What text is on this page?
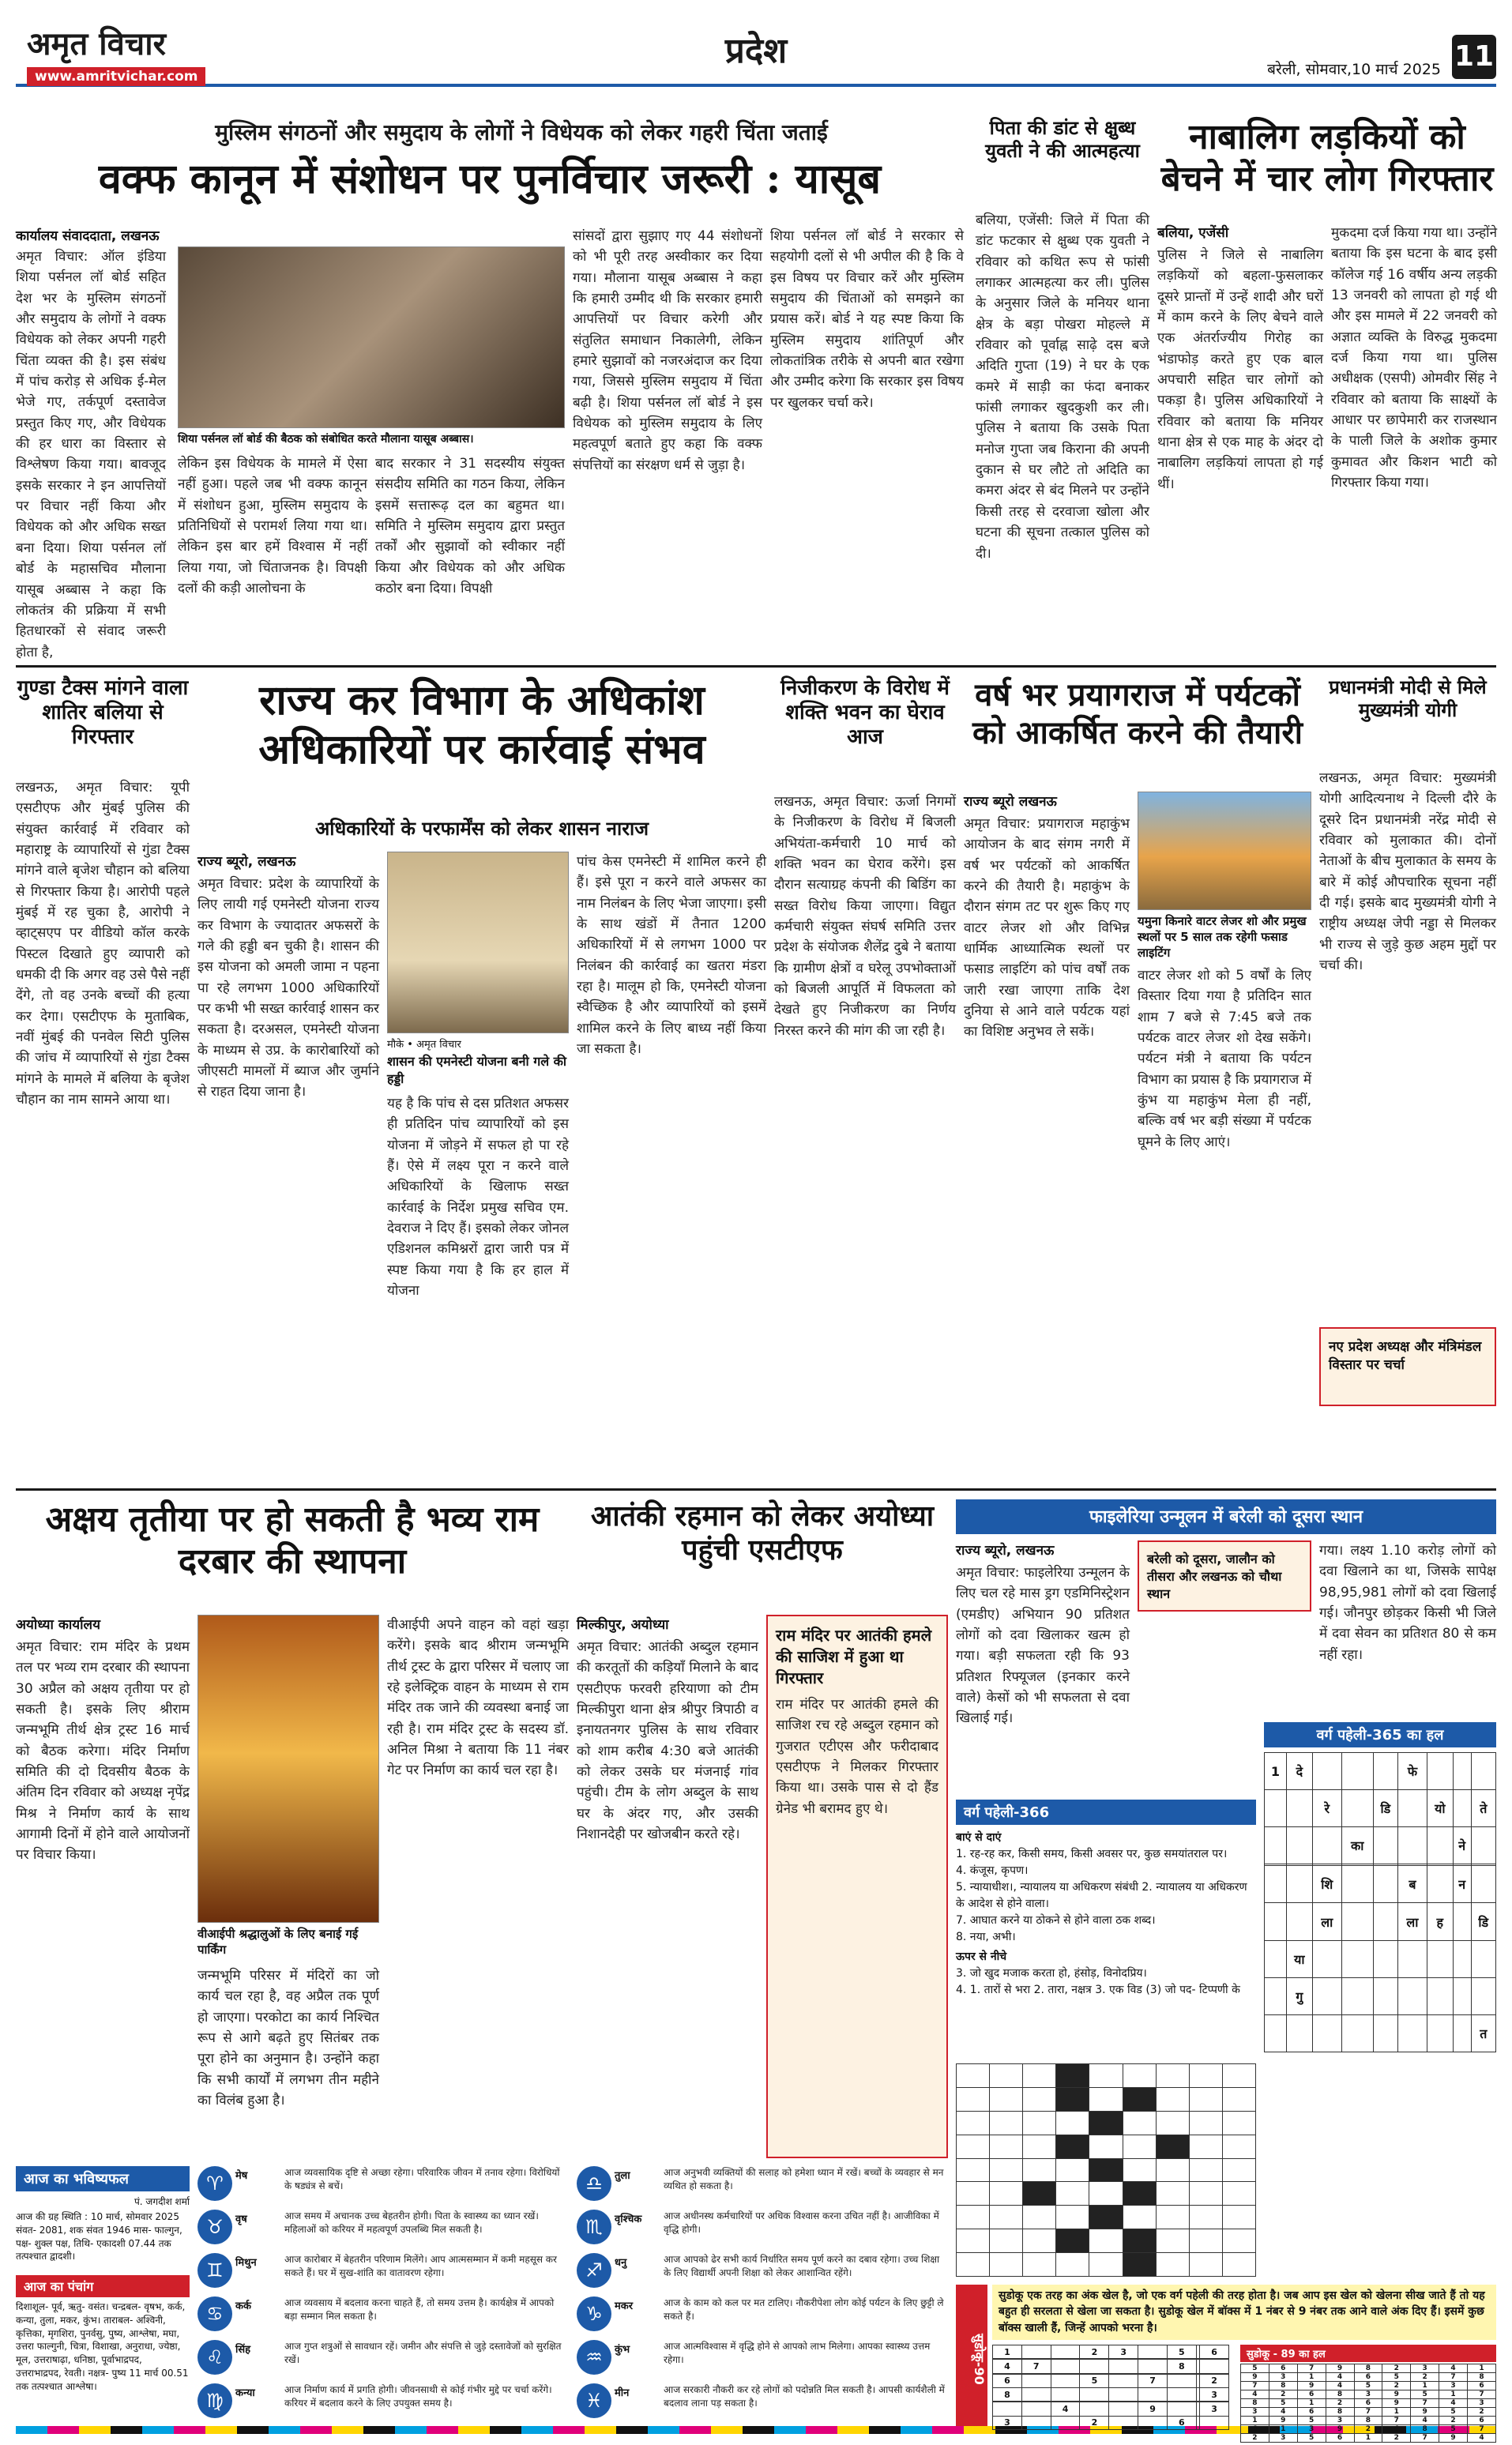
अमृत विचार
www.amritvichar.com
प्रदेश	बरेली, सोमवार,10 मार्च 2025 11
मुस्लिम संगठनों और समुदाय के लोगों ने विधेयक को लेकर गहरी चिंता जताई
वक्फ कानून में संशोधन पर पुनर्विचार जरूरी : यासूब
कार्यालय संवाददाता, लखनऊ
अमृत विचार: ऑल इंडिया शिया पर्सनल लॉ बोर्ड सहित देश भर के मुस्लिम संगठनों और समुदाय के लोगों ने वक्फ विधेयक को लेकर अपनी गहरी चिंता व्यक्त की है। इस संबंध में पांच करोड़ से अधिक ई-मेल भेजे गए, तर्कपूर्ण दस्तावेज प्रस्तुत किए गए, और विधेयक की हर धारा का विस्तार से विश्लेषण किया गया। बावजूद इसके सरकार ने इन आपत्तियों पर विचार नहीं किया और विधेयक को और अधिक सख्त बना दिया। शिया पर्सनल लॉ बोर्ड के महासचिव मौलाना यासूब अब्बास ने कहा कि लोकतंत्र की प्रक्रिया में सभी हितधारकों से संवाद जरूरी होता है,
शिया पर्सनल लॉ बोर्ड की बैठक को संबोधित करते मौलाना यासूब अब्बास।
लेकिन इस विधेयक के मामले में ऐसा नहीं हुआ। पहले जब भी वक्फ कानून में संशोधन हुआ, मुस्लिम समुदाय के प्रतिनिधियों से परामर्श लिया गया था। लेकिन इस बार हमें विश्वास में नहीं लिया गया, जो चिंताजनक है। विपक्षी दलों की कड़ी आलोचना के
बाद सरकार ने 31 सदस्यीय संयुक्त संसदीय समिति का गठन किया, लेकिन इसमें सत्तारूढ़ दल का बहुमत था। समिति ने मुस्लिम समुदाय द्वारा प्रस्तुत तर्कों और सुझावों को स्वीकार नहीं किया और विधेयक को और अधिक कठोर बना दिया। विपक्षी
सांसदों द्वारा सुझाए गए 44 संशोधनों को भी पूरी तरह अस्वीकार कर दिया गया। मौलाना यासूब अब्बास ने कहा कि हमारी उम्मीद थी कि सरकार हमारी आपत्तियों पर विचार करेगी और संतुलित समाधान निकालेगी, लेकिन हमारे सुझावों को नजरअंदाज कर दिया गया, जिससे मुस्लिम समुदाय में चिंता बढ़ी है। शिया पर्सनल लॉ बोर्ड ने इस विधेयक को मुस्लिम समुदाय के लिए महत्वपूर्ण बताते हुए कहा कि वक्फ संपत्तियों का संरक्षण धर्म से जुड़ा है।
शिया पर्सनल लॉ बोर्ड ने सरकार से सहयोगी दलों से भी अपील की है कि वे इस विषय पर विचार करें और मुस्लिम समुदाय की चिंताओं को समझने का प्रयास करें। बोर्ड ने यह स्पष्ट किया कि मुस्लिम समुदाय शांतिपूर्ण और लोकतांत्रिक तरीके से अपनी बात रखेगा और उम्मीद करेगा कि सरकार इस विषय पर खुलकर चर्चा करे।
पिता की डांट से क्षुब्ध युवती ने की आत्महत्या
बलिया, एजेंसी: जिले में पिता की डांट फटकार से क्षुब्ध एक युवती ने रविवार को कथित रूप से फांसी लगाकर आत्महत्या कर ली। पुलिस के अनुसार जिले के मनियर थाना क्षेत्र के बड़ा पोखरा मोहल्ले में रविवार को पूर्वाह्न साढ़े दस बजे अदिति गुप्ता (19) ने घर के एक कमरे में साड़ी का फंदा बनाकर फांसी लगाकर खुदकुशी कर ली। पुलिस ने बताया कि उसके पिता मनोज गुप्ता जब किराना की अपनी दुकान से घर लौटे तो अदिति का कमरा अंदर से बंद मिलने पर उन्होंने किसी तरह से दरवाजा खोला और घटना की सूचना तत्काल पुलिस को दी।
नाबालिग लड़कियों को बेचने में चार लोग गिरफ्तार
बलिया, एजेंसी
पुलिस ने जिले से नाबालिग लड़कियों को बहला-फुसलाकर दूसरे प्रान्तों में उन्हें शादी और घरों में काम करने के लिए बेचने वाले एक अंतर्राज्यीय गिरोह का भंडाफोड़ करते हुए एक बाल अपचारी सहित चार लोगों को पकड़ा है। पुलिस अधिकारियों ने रविवार को बताया कि मनियर थाना क्षेत्र से एक माह के अंदर दो नाबालिग लड़कियां लापता हो गई थीं।
मुकदमा दर्ज किया गया था। उन्होंने बताया कि इस घटना के बाद इसी कॉलेज गई 16 वर्षीय अन्य लड़की 13 जनवरी को लापता हो गई थी और इस मामले में 22 जनवरी को अज्ञात व्यक्ति के विरुद्ध मुकदमा दर्ज किया गया था। पुलिस अधीक्षक (एसपी) ओमवीर सिंह ने रविवार को बताया कि साक्ष्यों के आधार पर छापेमारी कर राजस्थान के पाली जिले के अशोक कुमार कुमावत और किशन भाटी को गिरफ्तार किया गया।
गुण्डा टैक्स मांगने वाला शातिर बलिया से गिरफ्तार
लखनऊ, अमृत विचार: यूपी एसटीएफ और मुंबई पुलिस की संयुक्त कार्रवाई में रविवार को महाराष्ट्र के व्यापारियों से गुंडा टैक्स मांगने वाले बृजेश चौहान को बलिया से गिरफ्तार किया है। आरोपी पहले मुंबई में रह चुका है, आरोपी ने व्हाट्सएप पर वीडियो कॉल करके पिस्टल दिखाते हुए व्यापारी को धमकी दी कि अगर वह उसे पैसे नहीं देंगे, तो वह उनके बच्चों की हत्या कर देगा। एसटीएफ के मुताबिक, नवीं मुंबई की पनवेल सिटी पुलिस की जांच में व्यापारियों से गुंडा टैक्स मांगने के मामले में बलिया के बृजेश चौहान का नाम सामने आया था।
राज्य कर विभाग के अधिकांश अधिकारियों पर कार्रवाई संभव
अधिकारियों के परफार्मेंस को लेकर शासन नाराज
राज्य ब्यूरो, लखनऊ
अमृत विचार: प्रदेश के व्यापारियों के लिए लायी गई एमनेस्टी योजना राज्य कर विभाग के ज्यादातर अफसरों के गले की हड्डी बन चुकी है। शासन की इस योजना को अमली जामा न पहना पा रहे लगभग 1000 अधिकारियों पर कभी भी सख्त कार्रवाई शासन कर सकता है। दरअसल, एमनेस्टी योजना के माध्यम से उप्र. के कारोबारियों को जीएसटी मामलों में ब्याज और जुर्माने से राहत दिया जाना है।
मौके • अमृत विचार
शासन की एमनेस्टी योजना बनी गले की हड्डी
यह है कि पांच से दस प्रतिशत अफसर ही प्रतिदिन पांच व्यापारियों को इस योजना में जोड़ने में सफल हो पा रहे हैं। ऐसे में लक्ष्य पूरा न करने वाले अधिकारियों के खिलाफ सख्त कार्रवाई के निर्देश प्रमुख सचिव एम. देवराज ने दिए हैं। इसको लेकर जोनल एडिशनल कमिश्नरों द्वारा जारी पत्र में स्पष्ट किया गया है कि हर हाल में योजना
पांच केस एमनेस्टी में शामिल करने ही हैं। इसे पूरा न करने वाले अफसर का नाम निलंबन के लिए भेजा जाएगा। इसी के साथ खंडों में तैनात 1200 अधिकारियों में से लगभग 1000 पर निलंबन की कार्रवाई का खतरा मंडरा रहा है। मालूम हो कि, एमनेस्टी योजना स्वैच्छिक है और व्यापारियों को इसमें शामिल करने के लिए बाध्य नहीं किया जा सकता है।
निजीकरण के विरोध में शक्ति भवन का घेराव आज
लखनऊ, अमृत विचार: ऊर्जा निगमों के निजीकरण के विरोध में बिजली अभियंता-कर्मचारी 10 मार्च को शक्ति भवन का घेराव करेंगे। इस दौरान सत्याग्रह कंपनी की बिडिंग का सख्त विरोध किया जाएगा। विद्युत कर्मचारी संयुक्त संघर्ष समिति उत्तर प्रदेश के संयोजक शैलेंद्र दुबे ने बताया कि ग्रामीण क्षेत्रों व घरेलू उपभोक्ताओं को बिजली आपूर्ति में विफलता को देखते हुए निजीकरण का निर्णय निरस्त करने की मांग की जा रही है।
वर्ष भर प्रयागराज में पर्यटकों को आकर्षित करने की तैयारी
राज्य ब्यूरो लखनऊ
अमृत विचार: प्रयागराज महाकुंभ आयोजन के बाद संगम नगरी में वर्ष भर पर्यटकों को आकर्षित करने की तैयारी है। महाकुंभ के दौरान संगम तट पर शुरू किए गए वाटर लेजर शो और विभिन्न धार्मिक आध्यात्मिक स्थलों पर फसाड लाइटिंग को पांच वर्षों तक जारी रखा जाएगा ताकि देश दुनिया से आने वाले पर्यटक यहां का विशिष्ट अनुभव ले सकें।
यमुना किनारे वाटर लेजर शो और प्रमुख स्थलों पर 5 साल तक रहेगी फसाड लाइटिंग
वाटर लेजर शो को 5 वर्षों के लिए विस्तार दिया गया है प्रतिदिन सात शाम 7 बजे से 7:45 बजे तक पर्यटक वाटर लेजर शो देख सकेंगे। पर्यटन मंत्री ने बताया कि पर्यटन विभाग का प्रयास है कि प्रयागराज में कुंभ या महाकुंभ मेला ही नहीं, बल्कि वर्ष भर बड़ी संख्या में पर्यटक घूमने के लिए आएं।
प्रधानमंत्री मोदी से मिले मुख्यमंत्री योगी
लखनऊ, अमृत विचार: मुख्यमंत्री योगी आदित्यनाथ ने दिल्ली दौरे के दूसरे दिन प्रधानमंत्री नरेंद्र मोदी से रविवार को मुलाकात की। दोनों नेताओं के बीच मुलाकात के समय के बारे में कोई औपचारिक सूचना नहीं दी गई। इसके बाद मुख्यमंत्री योगी ने राष्ट्रीय अध्यक्ष जेपी नड्डा से मिलकर भी राज्य से जुड़े कुछ अहम मुद्दों पर चर्चा की।
नए प्रदेश अध्यक्ष और मंत्रिमंडल विस्तार पर चर्चा
अक्षय तृतीया पर हो सकती है भव्य राम दरबार की स्थापना
अयोध्या कार्यालय
अमृत विचार: राम मंदिर के प्रथम तल पर भव्य राम दरबार की स्थापना 30 अप्रैल को अक्षय तृतीया पर हो सकती है। इसके लिए श्रीराम जन्मभूमि तीर्थ क्षेत्र ट्रस्ट 16 मार्च को बैठक करेगा। मंदिर निर्माण समिति की दो दिवसीय बैठक के अंतिम दिन रविवार को अध्यक्ष नृपेंद्र मिश्र ने निर्माण कार्य के साथ आगामी दिनों में होने वाले आयोजनों पर विचार किया।
वीआईपी श्रद्धालुओं के लिए बनाई गई पार्किंग
वीआईपी अपने वाहन को वहां खड़ा करेंगे। इसके बाद श्रीराम जन्मभूमि तीर्थ ट्रस्ट के द्वारा परिसर में चलाए जा रहे इलेक्ट्रिक वाहन के माध्यम से राम मंदिर तक जाने की व्यवस्था बनाई जा रही है। राम मंदिर ट्रस्ट के सदस्य डॉ. अनिल मिश्रा ने बताया कि 11 नंबर गेट पर निर्माण का कार्य चल रहा है।
जन्मभूमि परिसर में मंदिरों का जो कार्य चल रहा है, वह अप्रैल तक पूर्ण हो जाएगा। परकोटा का कार्य निश्चित रूप से आगे बढ़ते हुए सितंबर तक पूरा होने का अनुमान है। उन्होंने कहा कि सभी कार्यों में लगभग तीन महीने का विलंब हुआ है।
आतंकी रहमान को लेकर अयोध्या पहुंची एसटीएफ
मिल्कीपुर, अयोध्या
अमृत विचार: आतंकी अब्दुल रहमान की करतूतों की कड़ियाँ मिलाने के बाद एसटीएफ फरवरी हरियाणा को टीम मिल्कीपुरा थाना क्षेत्र श्रीपुर त्रिपाठी व इनायतनगर पुलिस के साथ रविवार को शाम करीब 4:30 बजे आतंकी को लेकर उसके घर मंजनाई गांव पहुंची। टीम के लोग अब्दुल के साथ घर के अंदर गए, और उसकी निशानदेही पर खोजबीन करते रहे।
राम मंदिर पर आतंकी हमले की साजिश में हुआ था गिरफ्तार
राम मंदिर पर आतंकी हमले की साजिश रच रहे अब्दुल रहमान को गुजरात एटीएस और फरीदाबाद एसटीएफ ने मिलकर गिरफ्तार किया था। उसके पास से दो हैंड ग्रेनेड भी बरामद हुए थे।
फाइलेरिया उन्मूलन में बरेली को दूसरा स्थान
राज्य ब्यूरो, लखनऊ
अमृत विचार: फाइलेरिया उन्मूलन के लिए चल रहे मास ड्रग एडमिनिस्ट्रेशन (एमडीए) अभियान 90 प्रतिशत लोगों को दवा खिलाकर खत्म हो गया। बड़ी सफलता रही कि 93 प्रतिशत रिफ्यूजल (इनकार करने वाले) केसों को भी सफलता से दवा खिलाई गई।
बरेली को दूसरा, जालौन को तीसरा और लखनऊ को चौथा स्थान
गया। लक्ष्य 1.10 करोड़ लोगों को दवा खिलाने का था, जिसके सापेक्ष 98,95,981 लोगों को दवा खिलाई गई। जौनपुर छोड़कर किसी भी जिले में दवा सेवन का प्रतिशत 80 से कम नहीं रहा।
वर्ग पहेली-366
बाएं से दाएं
1. रह-रह कर, किसी समय, किसी अवसर पर, कुछ समयांतराल पर।
4. कंजूस, कृपण।
5. न्यायाधीश।, न्यायालय या अधिकरण संबंधी 2. न्यायालय या अधिकरण के आदेश से होने वाला।
7. आघात करने या ठोकने से होने वाला ठक शब्द।
8. नया, अभी।
ऊपर से नीचे
3. जो खुद मजाक करता हो, हंसोड़, विनोदप्रिय।
4. 1. तारों से भरा 2. तारा, नक्षत्र 3. एक विड (3) जो पद- टिप्पणी के

वर्ग पहेली-365 का हल
1	दे				फे			
		रे		डि		यो		ते
			का				ने	

		शि			ब		न	
		ला			ला	ह		डि
	या							
	गु							
								त
सुडोकू-90
सुडोकू एक तरह का अंक खेल है, जो एक वर्ग पहेली की तरह होता है। जब आप इस खेल को खेलना सीख जाते हैं तो यह बहुत ही सरलता से खेला जा सकता है। सुडोकू खेल में बॉक्स में 1 नंबर से 9 नंबर तक आने वाले अंक दिए हैं। इसमें कुछ बॉक्स खाली हैं, जिन्हें आपको भरना है।
आज का भविष्यफल
पं. जगदीश शर्मा
आज की ग्रह स्थिति : 10 मार्च, सोमवार 2025 संवत- 2081, शक संवत 1946 मास- फाल्गुन, पक्ष- शुक्ल पक्ष, तिथि- एकादशी 07.44 तक तत्पश्चात द्वादशी।
आज का पंचांग
दिशाशूल- पूर्व, ऋतु- वसंत। चन्द्रबल- वृषभ, कर्क, कन्या, तुला, मकर, कुंभ। ताराबल- अश्विनी, कृत्तिका, मृगशिरा, पुनर्वसु, पुष्य, आश्लेषा, मघा, उत्तरा फाल्गुनी, चित्रा, विशाखा, अनुराधा, ज्येष्ठा, मूल, उत्तराषाढ़ा, धनिष्ठा, पूर्वाभाद्रपद, उत्तराभाद्रपद, रेवती। नक्षत्र- पुष्य 11 मार्च 00.51 तक तत्पश्चात आश्लेषा।
♈	मेष	आज व्यवसायिक दृष्टि से अच्छा रहेगा। परिवारिक जीवन में तनाव रहेगा। विरोधियों के षड्यंत्र से बचें।
♉	वृष	आज समय में अचानक उच्च बेहतरीन होगी। पिता के स्वास्थ्य का ध्यान रखें। महिलाओं को करियर में महत्वपूर्ण उपलब्धि मिल सकती है।
♊	मिथुन	आज कारोबार में बेहतरीन परिणाम मिलेंगे। आप आत्मसम्मान में कमी महसूस कर सकते हैं। घर में सुख-शांति का वातावरण रहेगा।
♋	कर्क	आज व्यवसाय में बदलाव करना चाहते हैं, तो समय उत्तम है। कार्यक्षेत्र में आपको बड़ा सम्मान मिल सकता है।
♌	सिंह	आज गुप्त शत्रुओं से सावधान रहें। जमीन और संपत्ति से जुड़े दस्तावेजों को सुरक्षित रखें।
♍	कन्या	आज निर्माण कार्य में प्रगति होगी। जीवनसाथी से कोई गंभीर मुद्दे पर चर्चा करेंगे। करियर में बदलाव करने के लिए उपयुक्त समय है।
♎	तुला	आज अनुभवी व्यक्तियों की सलाह को हमेशा ध्यान में रखें। बच्चों के व्यवहार से मन व्यथित हो सकता है।
♏	वृश्चिक	आज अधीनस्थ कर्मचारियों पर अधिक विश्वास करना उचित नहीं है। आजीविका में वृद्धि होगी।
♐	धनु	आज आपको ढेर सभी कार्य निर्धारित समय पूर्ण करने का दबाव रहेगा। उच्च शिक्षा के लिए विद्यार्थी अपनी शिक्षा को लेकर आशान्वित रहेंगे।
♑	मकर	आज के काम को कल पर मत टालिए। नौकरीपेशा लोग कोई पर्यटन के लिए छुट्टी ले सकते हैं।
♒	कुंभ	आज आत्मविश्वास में वृद्धि होने से आपको लाभ मिलेगा। आपका स्वास्थ्य उत्तम रहेगा।
♓	मीन	आज सरकारी नौकरी कर रहे लोगों को पदोन्नति मिल सकती है। आपसी कार्यशैली में बदलाव लाना पड़ सकता है।
1			2	3		5		6

4	7					8		

6			5		7			2
8								3

		4			9			3
3			2			6		
सुडोकू - 89 का हल
5	6	7	9	8	2	3	4	1
9	3	1	4	6	5	2	7	8
7	8	9	4	5	2	1	3	6
4	2	6	8	3	9	5	1	7
8	5	1	2	6	9	7	4	3
3	4	6	8	7	1	9	5	2
1	9	5	3	8	7	4	2	6
6	1	3	9	2	4	8	5	7
2	3	5	6	1	2	7	9	4
